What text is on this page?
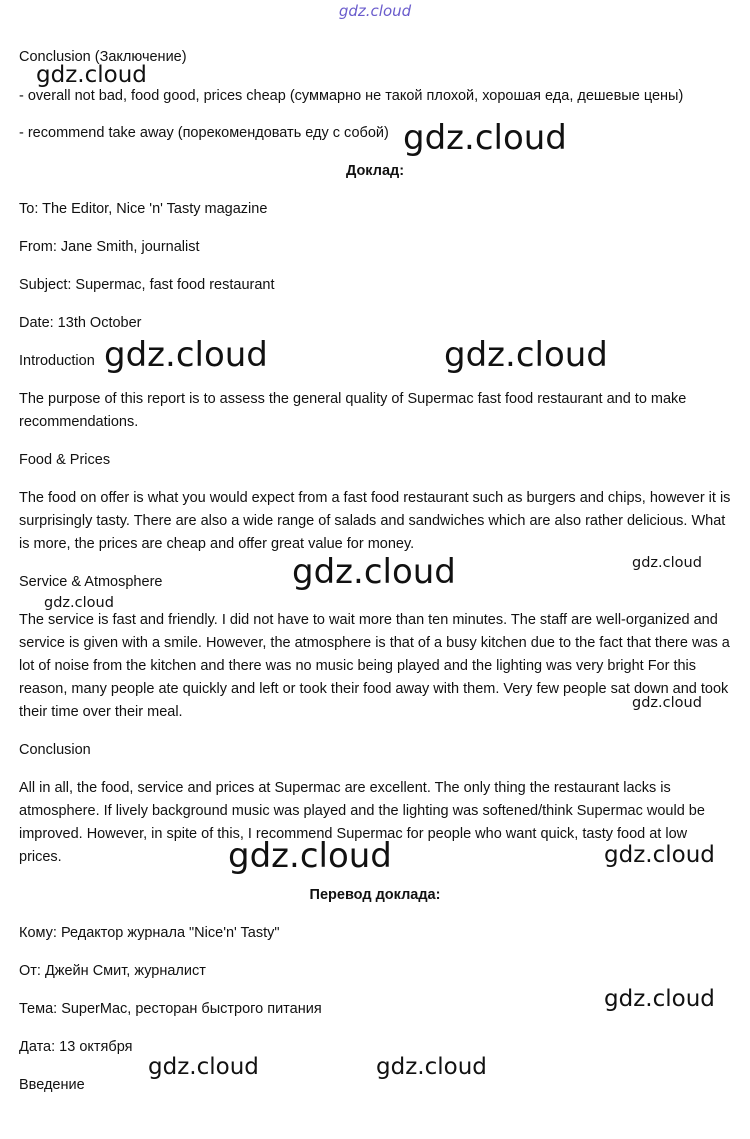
gdz.cloud
Conclusion (Заключение)
- overall not bad, food good, prices cheap (суммарно не такой плохой, хорошая еда, дешевые цены)
- recommend take away (порекомендовать еду с собой)
Доклад:
To: The Editor, Nice 'n' Tasty magazine
From: Jane Smith, journalist
Subject: Supermac, fast food restaurant
Date: 13th October
Introduction
The purpose of this report is to assess the general quality of Supermac fast food restaurant and to make recommendations.
Food & Prices
The food on offer is what you would expect from a fast food restaurant such as burgers and chips, however it is surprisingly tasty. There are also a wide range of salads and sandwiches which are also rather delicious. What is more, the prices are cheap and offer great value for money.
Service & Atmosphere
The service is fast and friendly. I did not have to wait more than ten minutes. The staff are well-organized and service is given with a smile. However, the atmosphere is that of a busy kitchen due to the fact that there was a lot of noise from the kitchen and there was no music being played and the lighting was very bright For this reason, many people ate quickly and left or took their food away with them. Very few people sat down and took their time over their meal.
Conclusion
All in all, the food, service and prices at Supermac are excellent. The only thing the restaurant lacks is atmosphere. If lively background music was played and the lighting was softened/think Supermac would be improved. However, in spite of this, I recommend Supermac for people who want quick, tasty food at low prices.
Перевод доклада:
Кому: Редактор журнала "Nice'n' Tasty"
От: Джейн Смит, журналист
Тема: SuperMac, ресторан быстрого питания
Дата: 13 октября
Введение
gdz.cloud
gdz.cloud
gdz.cloud	gdz.cloud
gdz.cloud
gdz.cloud
gdz.cloud
gdz.cloud
gdz.cloud	gdz.cloud
gdz.cloud
gdz.cloud	gdz.cloud
